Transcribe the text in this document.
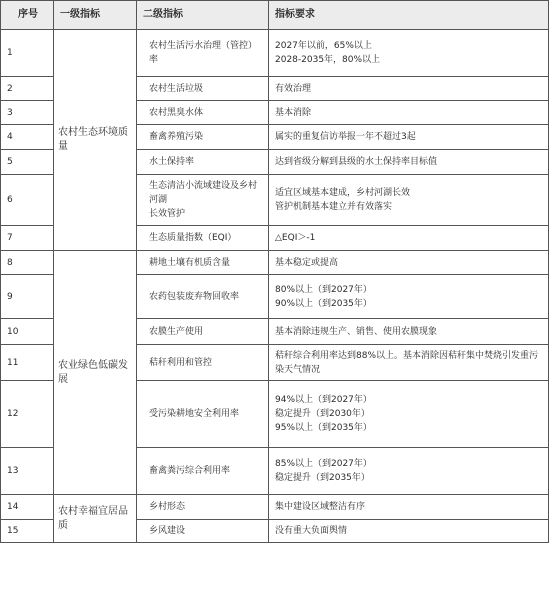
序号	一级指标	二级指标	指标要求
1	农村生态环境质量	农村生活污水治理（管控）率	2027年以前，65%以上
2028-2035年，80%以上

2		农村生活垃圾	有效治理

3		农村黑臭水体	基本消除

4		畜禽养殖污染	属实的重复信访举报一年不超过3起

5		水土保持率	达到省级分解到县级的水土保持率目标值

6		生态清洁小流域建设及乡村河湖
长效管护	适宜区域基本建成，乡村河湖长效
管护机制基本建立并有效落实

7		生态质量指数（EQI）	△EQI＞-1

8	农业绿色低碳发展	耕地土壤有机质含量	基本稳定或提高

9		农药包装废弃物回收率	80%以上（到2027年）
90%以上（到2035年）

10		农膜生产使用	基本消除违规生产、销售、使用农膜现象

11		秸秆利用和管控	秸秆综合利用率达到88%以上。基本消除因秸秆集中焚烧引发重污染天气情况

12		受污染耕地安全利用率	94%以上（到2027年）
稳定提升（到2030年）
95%以上（到2035年）

13		畜禽粪污综合利用率	85%以上（到2027年）
稳定提升（到2035年）

14	农村幸福宜居品质	乡村形态	集中建设区域整洁有序

15		乡风建设	没有重大负面舆情
